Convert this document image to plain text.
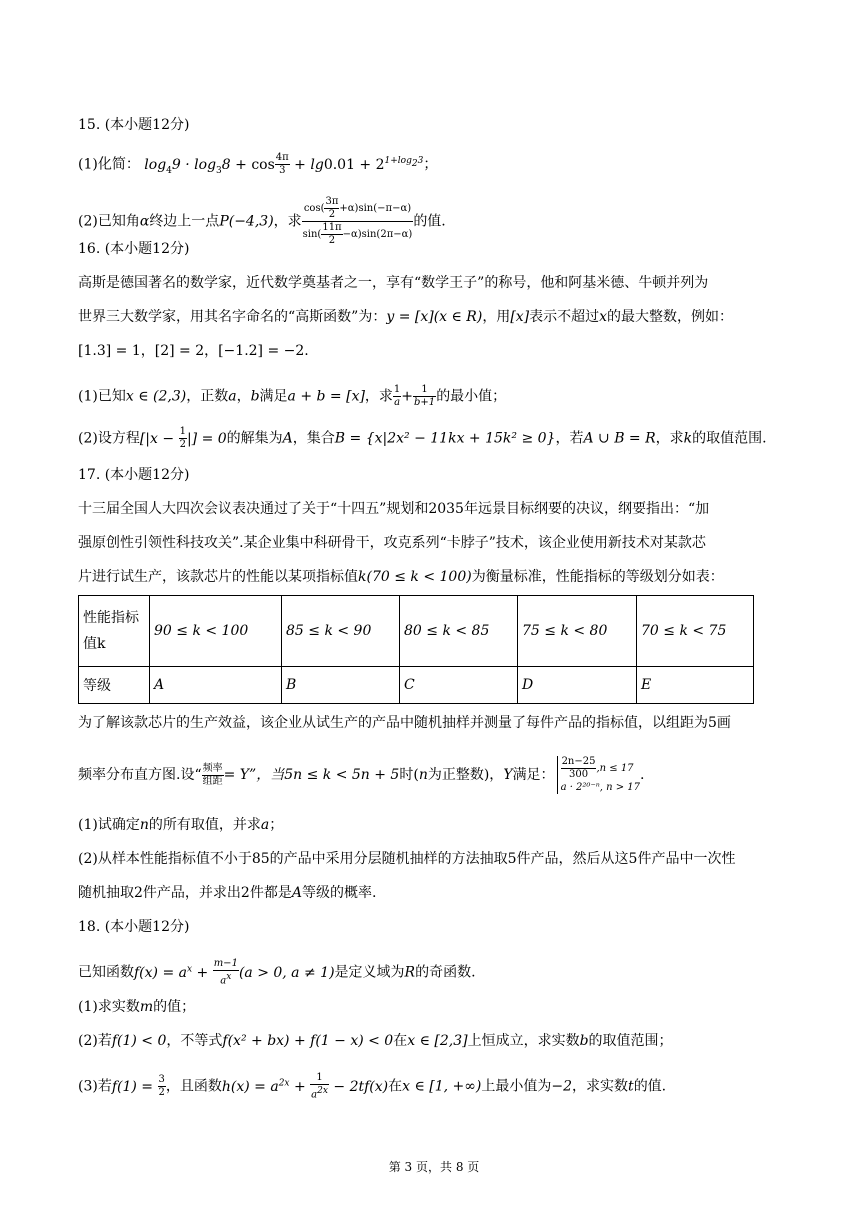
15. (本小题12分)
(1)化简： $\log_49 \cdot \log_38 + \cos \frac{4\pi}{3} + \lg 0.01 + 2^{1+log_23}$；
(2)已知角α终边上一点P(−4,3)，求 $\frac{\cos( \frac{3\pi}{2} +\alpha)\sin(-\pi-\alpha)}{\sin( \frac{11\pi}{2} -\alpha)\sin(2\pi-\alpha)}$ 的值.
16. (本小题12分)
高斯是德国著名的数学家，近代数学奠基者之一，享有“数学王子”的称号，他和阿基米德、牛顿并列为
世界三大数学家，用其名字命名的“高斯函数”为：y = [x](x ∈ R)，用[x]表示不超过x的最大整数，例如：
[1.3] = 1，[2] = 2，[−1.2] = −2.
(1)已知x ∈ (2,3)，正数a，b满足a + b = [x]，求 $\frac{1}{a} + \frac{1}{b+1}$ 的最小值；
(2)设方程[$|x - \frac{1}{2}$ |] = 0的解集为A，集合B = {x|2x² − 11kx + 15k² ≥ 0}，若A ∪ B = R，求k的取值范围.
17. (本小题12分)
十三届全国人大四次会议表决通过了关于“十四五”规划和2035年远景目标纲要的决议，纲要指出：“加
强原创性引领性科技攻关”.某企业集中科研骨干，攻克系列“卡脖子”技术，该企业使用新技术对某款芯
片进行试生产，该款芯片的性能以某项指标值k(70 ≤ k < 100)为衡量标准，性能指标的等级划分如表：
性能指标
值k	90 ≤ k < 100	85 ≤ k < 90	80 ≤ k < 85	75 ≤ k < 80	70 ≤ k < 75
等级	A	B	C	D	E
为了解该款芯片的生产效益，该企业从试生产的产品中随机抽样并测量了每件产品的指标值，以组距为5画
频率分布直方图.设“ $\frac{\text{频率}}{\text{组距}} = Y$”，当5n ≤ k < 5n + 5时(n为正整数)，Y满足： $\frac{2n-25}{300} ,n \le 17$
a · 2²⁰⁻ⁿ, n > 17
.
(1)试确定n的所有取值，并求a；
(2)从样本性能指标值不小于85的产品中采用分层随机抽样的方法抽取5件产品，然后从这5件产品中一次性
随机抽取2件产品，并求出2件都是A等级的概率.
18. (本小题12分)
已知函数$f(x) = a^x + \frac{m-1}{a^x} (a > 0$, a ≠ 1)是定义域为R的奇函数.
(1)求实数m的值；
(2)若f(1) < 0，不等式f(x² + bx) + f(1 − x) < 0在x ∈ [2,3]上恒成立，求实数b的取值范围；
(3)若$f(1) = \frac{3}{2}$ ，且函数$h(x) = a^{2x} + \frac{1}{a^{2x}} - 2tf(x)$在x ∈ [1, +∞)上最小值为−2，求实数t的值.
第 3 页，共 8 页
